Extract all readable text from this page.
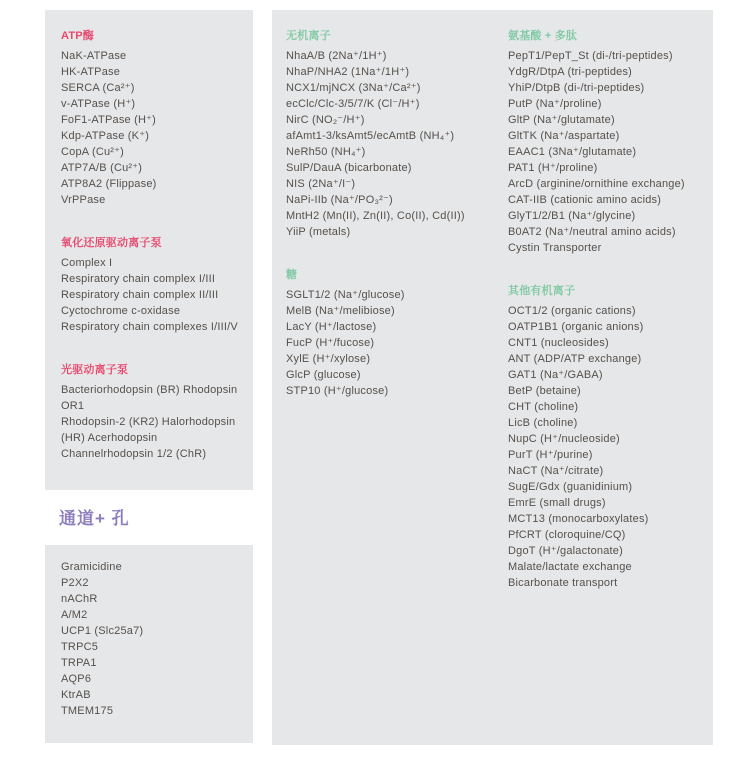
ATP酶
NaK-ATPase
HK-ATPase
SERCA (Ca²⁺)
v-ATPase (H⁺)
FoF1-ATPase (H⁺)
Kdp-ATPase (K⁺)
CopA (Cu²⁺)
ATP7A/B (Cu²⁺)
ATP8A2 (Flippase)
VrPPase
氧化还原驱动离子泵
Complex I
Respiratory chain complex I/III
Respiratory chain complex II/III
Cyctochrome c-oxidase
Respiratory chain complexes I/III/V
光驱动离子泵
Bacteriorhodopsin (BR) Rhodopsin
OR1
Rhodopsin-2 (KR2) Halorhodopsin
(HR) Acerhodopsin
Channelrhodopsin 1/2 (ChR)
通道+ 孔
Gramicidine
P2X2
nAChR
A/M2
UCP1 (Slc25a7)
TRPC5
TRPA1
AQP6
KtrAB
TMEM175
无机离子
NhaA/B (2Na⁺/1H⁺)
NhaP/NHA2 (1Na⁺/1H⁺)
NCX1/mjNCX (3Na⁺/Ca²⁺)
ecClc/Clc-3/5/7/K (Cl⁻/H⁺)
NirC (NO₂⁻/H⁺)
afAmt1-3/ksAmt5/ecAmtB (NH₄⁺)
NeRh50 (NH₄⁺)
SulP/DauA (bicarbonate)
NIS (2Na⁺/I⁻)
NaPi-IIb (Na⁺/PO₃²⁻)
MntH2 (Mn(II), Zn(II), Co(II), Cd(II))
YiiP (metals)
糖
SGLT1/2 (Na⁺/glucose)
MelB (Na⁺/melibiose)
LacY (H⁺/lactose)
FucP (H⁺/fucose)
XylE (H⁺/xylose)
GlcP (glucose)
STP10 (H⁺/glucose)
氨基酸 + 多肽
PepT1/PepT_St (di-/tri-peptides)
YdgR/DtpA (tri-peptides)
YhiP/DtpB (di-/tri-peptides)
PutP (Na⁺/proline)
GltP (Na⁺/glutamate)
GltTK (Na⁺/aspartate)
EAAC1 (3Na⁺/glutamate)
PAT1 (H⁺/proline)
ArcD (arginine/ornithine exchange)
CAT-IIB (cationic amino acids)
GlyT1/2/B1 (Na⁺/glycine)
B0AT2 (Na⁺/neutral amino acids)
Cystin Transporter
其他有机离子
OCT1/2 (organic cations)
OATP1B1 (organic anions)
CNT1 (nucleosides)
ANT (ADP/ATP exchange)
GAT1 (Na⁺/GABA)
BetP (betaine)
CHT (choline)
LicB (choline)
NupC (H⁺/nucleoside)
PurT (H⁺/purine)
NaCT (Na⁺/citrate)
SugE/Gdx (guanidinium)
EmrE (small drugs)
MCT13 (monocarboxylates)
PfCRT (cloroquine/CQ)
DgoT (H⁺/galactonate)
Malate/lactate exchange
Bicarbonate transport
